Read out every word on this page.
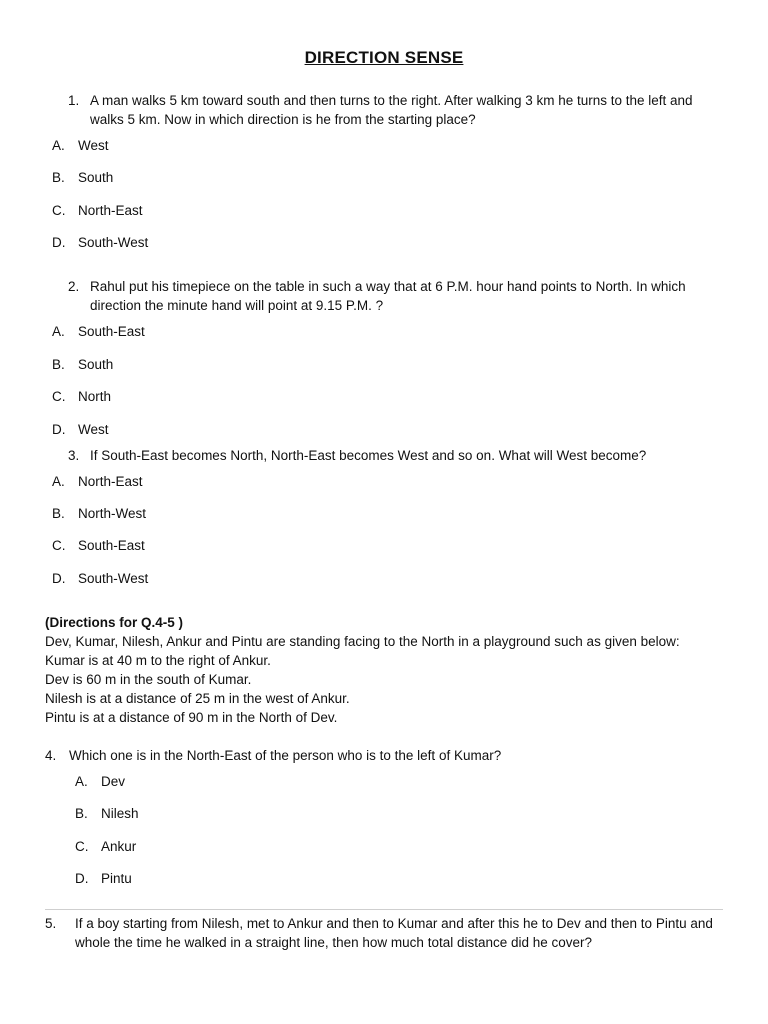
DIRECTION SENSE
1. A man walks 5 km toward south and then turns to the right. After walking 3 km he turns to the left and walks 5 km. Now in which direction is he from the starting place?
A. West
B. South
C. North-East
D. South-West
2. Rahul put his timepiece on the table in such a way that at 6 P.M. hour hand points to North. In which direction the minute hand will point at 9.15 P.M. ?
A. South-East
B. South
C. North
D. West
3. If South-East becomes North, North-East becomes West and so on. What will West become?
A. North-East
B. North-West
C. South-East
D. South-West
(Directions for Q.4-5 )
Dev, Kumar, Nilesh, Ankur and Pintu are standing facing to the North in a playground such as given below:
Kumar is at 40 m to the right of Ankur.
Dev is 60 m in the south of Kumar.
Nilesh is at a distance of 25 m in the west of Ankur.
Pintu is at a distance of 90 m in the North of Dev.
4. Which one is in the North-East of the person who is to the left of Kumar?
A. Dev
B. Nilesh
C. Ankur
D. Pintu
5. If a boy starting from Nilesh, met to Ankur and then to Kumar and after this he to Dev and then to Pintu and whole the time he walked in a straight line, then how much total distance did he cover?
